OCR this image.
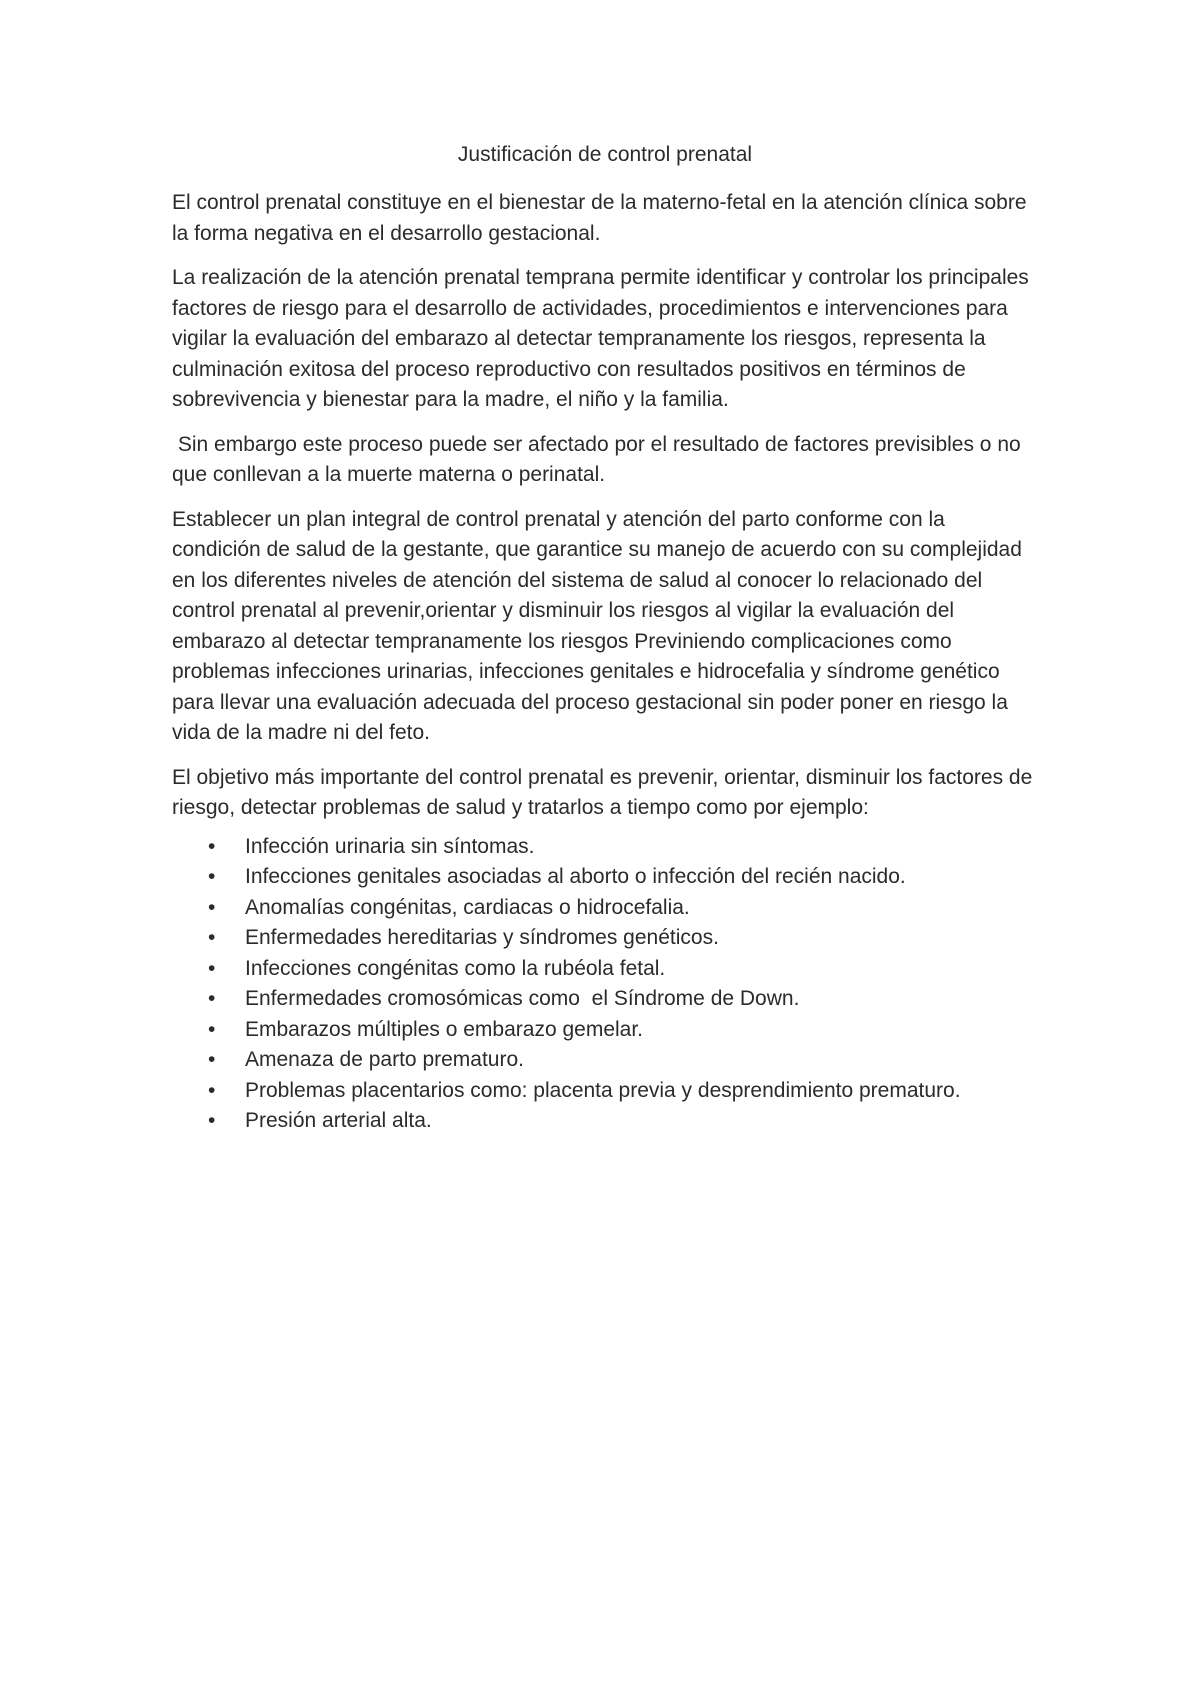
Justificación de control prenatal

El control prenatal constituye en el bienestar de la materno-fetal en la atención clínica sobre la forma negativa en el desarrollo gestacional.

La realización de la atención prenatal temprana permite identificar y controlar los principales factores de riesgo para el desarrollo de actividades, procedimientos e intervenciones para vigilar la evaluación del embarazo al detectar tempranamente los riesgos, representa la culminación exitosa del proceso reproductivo con resultados positivos en términos de sobrevivencia y bienestar para la madre, el niño y la familia.

Sin embargo este proceso puede ser afectado por el resultado de factores previsibles o no que conllevan a la muerte materna o perinatal.

Establecer un plan integral de control prenatal y atención del parto conforme con la condición de salud de la gestante, que garantice su manejo de acuerdo con su complejidad en los diferentes niveles de atención del sistema de salud al conocer lo relacionado del control prenatal al prevenir,orientar y disminuir los riesgos al vigilar la evaluación del embarazo al detectar tempranamente los riesgos Previniendo complicaciones como problemas infecciones urinarias, infecciones genitales e hidrocefalia y síndrome genético para llevar una evaluación adecuada del proceso gestacional sin poder poner en riesgo la vida de la madre ni del feto.

El objetivo más importante del control prenatal es prevenir, orientar, disminuir los factores de riesgo, detectar problemas de salud y tratarlos a tiempo como por ejemplo:

•	Infección urinaria sin síntomas.
•	Infecciones genitales asociadas al aborto o infección del recién nacido.
•	Anomalías congénitas, cardiacas o hidrocefalia.
•	Enfermedades hereditarias y síndromes genéticos.
•	Infecciones congénitas como la rubéola fetal.
•	Enfermedades cromosómicas como  el Síndrome de Down.
•	Embarazos múltiples o embarazo gemelar.
•	Amenaza de parto prematuro.
•	Problemas placentarios como: placenta previa y desprendimiento prematuro.
•	Presión arterial alta.
